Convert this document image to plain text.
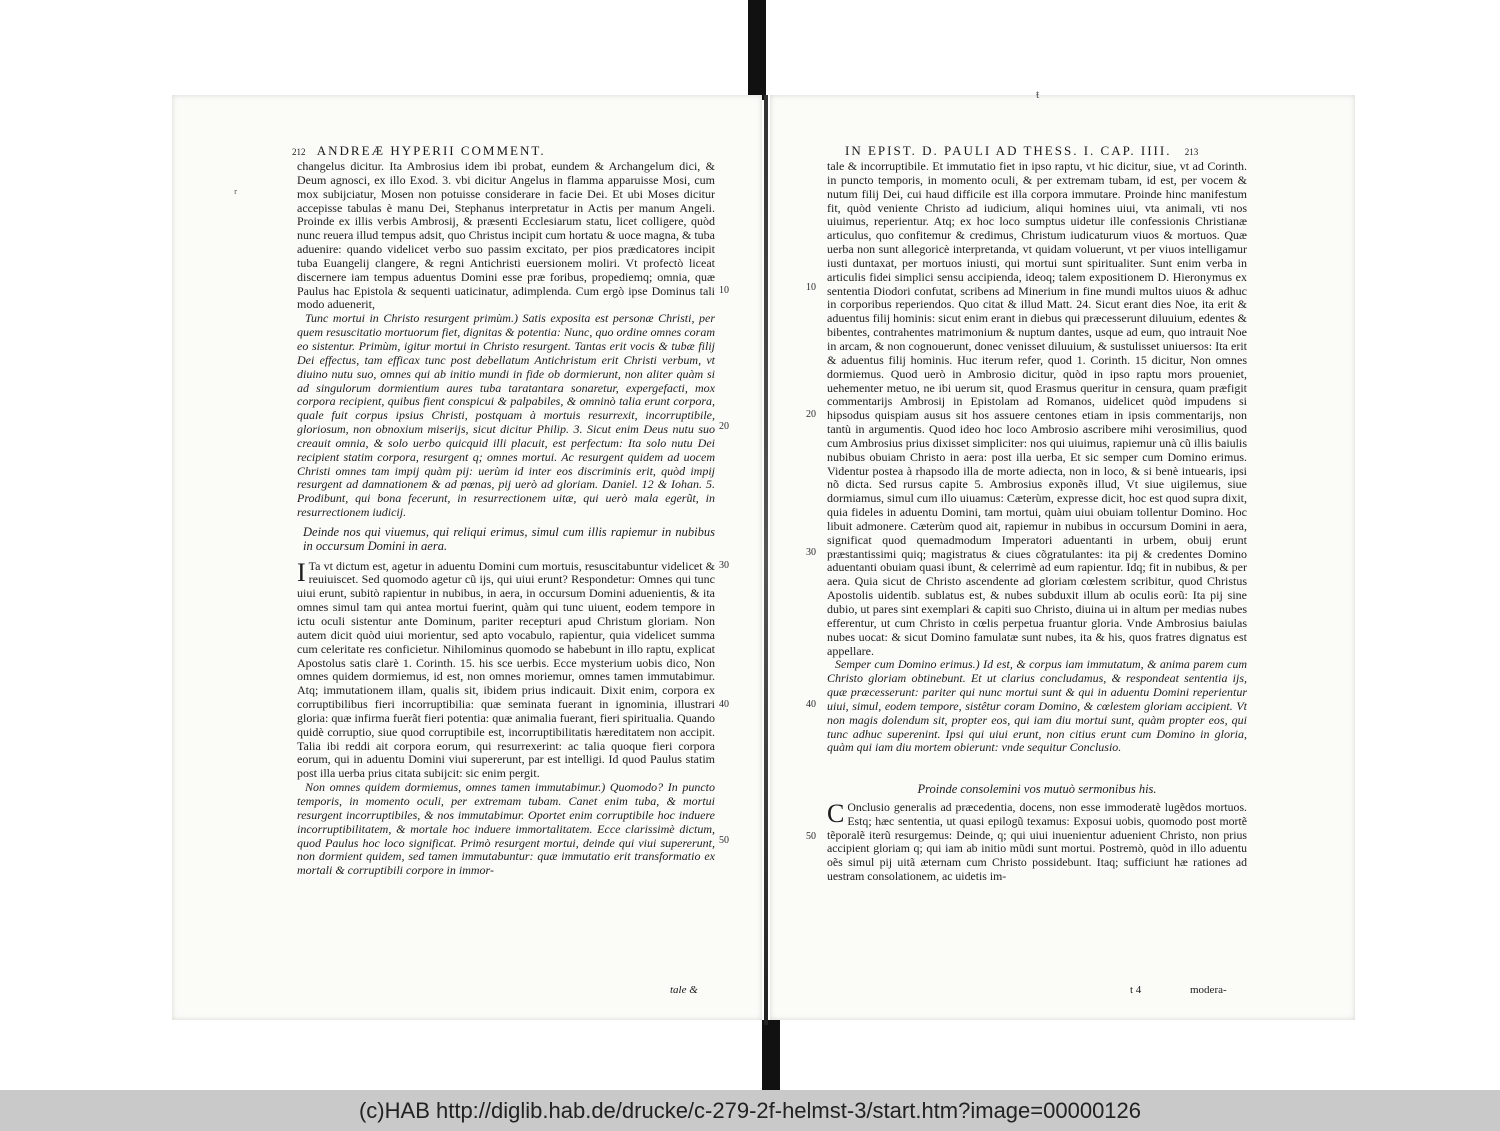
212 ANDREÆ HYPERII COMMENT.

changelus dicitur. Ita Ambrosius idem ibi probat, eundem & Archangelum dici, & Deum agnosci, ex illo Exod. 3. vbi dicitur Angelus in flamma apparuisse Mosi, cum mox subijciatur, Mosen non potuisse considerare in facie Dei. Et ubi Moses dicitur accepisse tabulas è manu Dei, Stephanus interpretatur in Actis per manum Angeli. Proinde ex illis verbis Ambrosij, & præsenti Ecclesiarum statu, licet colligere, quòd nunc reuera illud tempus adsit, quo Christus incipit cum hortatu & uoce magna, & tuba aduenire: quando videlicet verbo suo passim excitato, per pios prædicatores incipit tuba Euangelij clangere, & regni Antichristi euersionem moliri. Vt profectò liceat discernere iam tempus aduentus Domini esse præ foribus, propediemq; omnia, quæ Paulus hac Epistola & sequenti uaticinatur, adimplenda. Cum ergò ipse Dominus tali modo aduenerit,

Tunc mortui in Christo resurgent primùm.) Satis exposita est personæ Christi, per quem resuscitatio mortuorum fiet, dignitas & potentia: Nunc, quo ordine omnes coram eo sistentur. Primùm, igitur mortui in Christo resurgent. Tantas erit vocis & tubæ filij Dei effectus, tam efficax tunc post debellatum Antichristum erit Christi verbum, vt diuino nutu suo, omnes qui ab initio mundi in fide ob dormierunt, non aliter quàm si ad singulorum dormientium aures tuba taratantara sonaretur, expergefacti, mox corpora recipient, quibus fient conspicui & palpabiles, & omninò talia erunt corpora, quale fuit corpus ipsius Christi, postquam à mortuis resurrexit, incorruptibile, gloriosum, non obnoxium miserijs, sicut dicitur Philip. 3. Sicut enim Deus nutu suo creauit omnia, & solo uerbo quicquid illi placuit, est perfectum: Ita solo nutu Dei recipient statim corpora, resurgent q; omnes mortui. Ac resurgent quidem ad uocem Christi omnes tam impij quàm pij: uerùm id inter eos discriminis erit, quòd impij resurgent ad damnationem & ad pœnas, pij uerò ad gloriam. Daniel. 12 & Iohan. 5. Prodibunt, qui bona fecerunt, in resurrectionem uitæ, qui uerò mala egerũt, in resurrectionem iudicij.

Deinde nos qui viuemus, qui reliqui erimus, simul cum illis rapiemur in nubibus in occursum Domini in aera.

I Ta vt dictum est, agetur in aduentu Domini cum mortuis, resuscitabuntur videlicet & reuiuiscet. Sed quomodo agetur cũ ijs, qui uiui erunt? Respondetur: Omnes qui tunc uiui erunt, subitò rapientur in nubibus, in aera, in occursum Domini aduenientis, & ita omnes simul tam qui antea mortui fuerint, quàm qui tunc uiuent, eodem tempore in ictu oculi sistentur ante Dominum, pariter recepturi apud Christum gloriam. Non autem dicit quòd uiui morientur, sed apto vocabulo, rapientur, quia videlicet summa cum celeritate res conficietur. Nihilominus quomodo se habebunt in illo raptu, explicat Apostolus satis clarè 1. Corinth. 15. his sce uerbis. Ecce mysterium uobis dico, Non omnes quidem dormiemus, id est, non omnes moriemur, omnes tamen immutabimur. Atq; immutationem illam, qualis sit, ibidem prius indicauit. Dixit enim, corpora ex corruptibilibus fieri incorruptibilia: quæ seminata fuerant in ignominia, illustrari gloria: quæ infirma fuerãt fieri potentia: quæ animalia fuerant, fieri spiritualia. Quando quidè corruptio, siue quod corruptibile est, incorruptibilitatis hæreditatem non accipit. Talia ibi reddi ait corpora eorum, qui resurrexerint: ac talia quoque fieri corpora eorum, qui in aduentu Domini viui supererunt, par est intelligi. Id quod Paulus statim post illa uerba prius citata subijcit: sic enim pergit.

Non omnes quidem dormiemus, omnes tamen immutabimur.) Quomodo? In puncto temporis, in momento oculi, per extremam tubam. Canet enim tuba, & mortui resurgent incorruptibiles, & nos immutabimur. Oportet enim corruptibile hoc induere incorruptibilitatem, & mortale hoc induere immortalitatem. Ecce clarissimè dictum, quod Paulus hoc loco significat. Primò resurgent mortui, deinde qui viui supererunt, non dormient quidem, sed tamen immutabuntur: quæ immutatio erit transformatio ex mortali & corruptibili corpore in immor-

tale &
10
20
30
40
50
ʳ
IN EPIST. D. PAULI AD THESS. I. CAP. IIII. 213

tale & incorruptibile. Et immutatio fiet in ipso raptu, vt hic dicitur, siue, vt ad Corinth. in puncto temporis, in momento oculi, & per extremam tubam, id est, per vocem & nutum filij Dei, cui haud difficile est illa corpora immutare. Proinde hinc manifestum fit, quòd veniente Christo ad iudicium, aliqui homines uiui, vta animali, vti nos uiuimus, reperientur. Atq; ex hoc loco sumptus uidetur ille confessionis Christianæ articulus, quo confitemur & credimus, Christum iudicaturum viuos & mortuos. Quæ uerba non sunt allegoricè interpretanda, vt quidam voluerunt, vt per viuos intelligamur iusti duntaxat, per mortuos iniusti, qui mortui sunt spiritualiter. Sunt enim verba in articulis fidei simplici sensu accipienda, ideoq; talem expositionem D. Hieronymus ex sententia Diodori confutat, scribens ad Minerium in fine mundi multos uiuos & adhuc in corporibus reperiendos. Quo citat & illud Matt. 24. Sicut erant dies Noe, ita erit & aduentus filij hominis: sicut enim erant in diebus qui præcesserunt diluuium, edentes & bibentes, contrahentes matrimonium & nuptum dantes, usque ad eum, quo intrauit Noe in arcam, & non cognouerunt, donec venisset diluuium, & sustulisset uniuersos: Ita erit & aduentus filij hominis. Huc iterum refer, quod 1. Corinth. 15 dicitur, Non omnes dormiemus. Quod uerò in Ambrosio dicitur, quòd in ipso raptu mors proueniet, uehementer metuo, ne ibi uerum sit, quod Erasmus queritur in censura, quam præfigit commentarijs Ambrosij in Epistolam ad Romanos, uidelicet quòd impudens si hipsodus quispiam ausus sit hos assuere centones etiam in ipsis commentarijs, non tantù in argumentis. Quod ideo hoc loco Ambrosio ascribere mihi verosimilius, quod cum Ambrosius prius dixisset simpliciter: nos qui uiuimus, rapiemur unà cũ illis baiulis nubibus obuiam Christo in aera: post illa uerba, Et sic semper cum Domino erimus. Videntur postea à rhapsodo illa de morte adiecta, non in loco, & si benè intuearis, ipsi nõ dicta. Sed rursus capite 5. Ambrosius exponẽs illud, Vt siue uigilemus, siue dormiamus, simul cum illo uiuamus: Cæterùm, expresse dicit, hoc est quod supra dixit, quia fideles in aduentu Domini, tam mortui, quàm uiui obuiam tollentur Domino. Hoc libuit admonere. Cæterùm quod ait, rapiemur in nubibus in occursum Domini in aera, significat quod quemadmodum Imperatori aduentanti in urbem, obuij erunt præstantissimi quiq; magistratus & ciues cõgratulantes: ita pij & credentes Domino aduentanti obuiam quasi ibunt, & celerrimè ad eum rapientur. Idq; fit in nubibus, & per aera. Quia sicut de Christo ascendente ad gloriam cœlestem scribitur, quod Christus Apostolis uidentib. sublatus est, & nubes subduxit illum ab oculis eorũ: Ita pij sine dubio, ut pares sint exemplari & capiti suo Christo, diuina ui in altum per medias nubes efferentur, ut cum Christo in cœlis perpetua fruantur gloria. Vnde Ambrosius baiulas nubes uocat: & sicut Domino famulatæ sunt nubes, ita & his, quos fratres dignatus est appellare.

Semper cum Domino erimus.) Id est, & corpus iam immutatum, & anima parem cum Christo gloriam obtinebunt. Et ut clarius concludamus, & respondeat sententia ijs, quæ præcesserunt: pariter qui nunc mortui sunt & qui in aduentu Domini reperientur uiui, simul, eodem tempore, sistêtur coram Domino, & cœlestem gloriam accipient. Vt non magis dolendum sit, propter eos, qui iam diu mortui sunt, quàm propter eos, qui tunc adhuc superenint. Ipsi qui uiui erunt, non citius erunt cum Domino in gloria, quàm qui iam diu mortem obierunt: vnde sequitur Conclusio.

Proinde consolemini vos mutuò sermonibus his.

C Onclusio generalis ad præcedentia, docens, non esse immoderatè lugẽdos mortuos. Estq; hæc sententia, ut quasi epilogũ texamus: Exposui uobis, quomodo post mortẽ tẽporalẽ iterũ resurgemus: Deinde, q; qui uiui inuenientur aduenient Christo, non prius accipient gloriam q; qui iam ab initio mũdi sunt mortui. Postremò, quòd in illo aduentu oẽs simul pij uitã æternam cum Christo possidebunt. Itaq; sufficiunt hæ rationes ad uestram consolationem, ac uidetis im-

t 4	modera-
10
20
30
40
50
ŧ
(c)HAB http://diglib.hab.de/drucke/c-279-2f-helmst-3/start.htm?image=00000126
